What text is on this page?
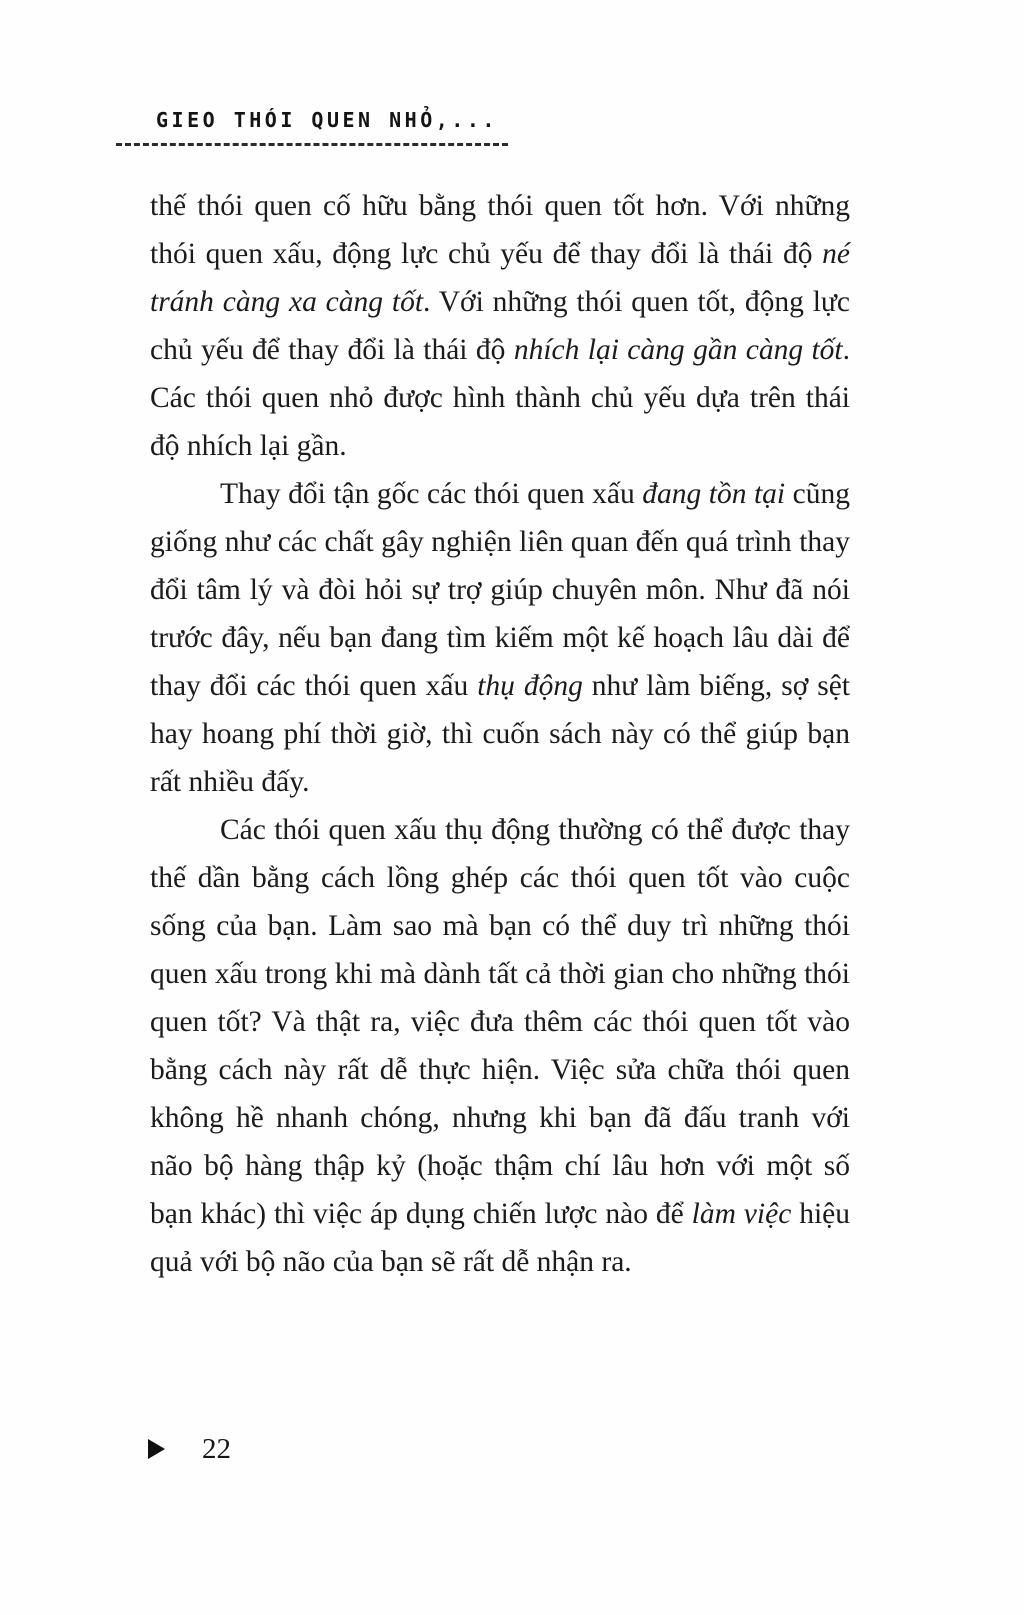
GIEO THÓI QUEN NHỎ,...

thế thói quen cố hữu bằng thói quen tốt hơn. Với những thói quen xấu, động lực chủ yếu để thay đổi là thái độ né tránh càng xa càng tốt. Với những thói quen tốt, động lực chủ yếu để thay đổi là thái độ nhích lại càng gần càng tốt. Các thói quen nhỏ được hình thành chủ yếu dựa trên thái độ nhích lại gần.

Thay đổi tận gốc các thói quen xấu đang tồn tại cũng giống như các chất gây nghiện liên quan đến quá trình thay đổi tâm lý và đòi hỏi sự trợ giúp chuyên môn. Như đã nói trước đây, nếu bạn đang tìm kiếm một kế hoạch lâu dài để thay đổi các thói quen xấu thụ động như làm biếng, sợ sệt hay hoang phí thời giờ, thì cuốn sách này có thể giúp bạn rất nhiều đấy.

Các thói quen xấu thụ động thường có thể được thay thế dần bằng cách lồng ghép các thói quen tốt vào cuộc sống của bạn. Làm sao mà bạn có thể duy trì những thói quen xấu trong khi mà dành tất cả thời gian cho những thói quen tốt? Và thật ra, việc đưa thêm các thói quen tốt vào bằng cách này rất dễ thực hiện. Việc sửa chữa thói quen không hề nhanh chóng, nhưng khi bạn đã đấu tranh với não bộ hàng thập kỷ (hoặc thậm chí lâu hơn với một số bạn khác) thì việc áp dụng chiến lược nào để làm việc hiệu quả với bộ não của bạn sẽ rất dễ nhận ra.

22
